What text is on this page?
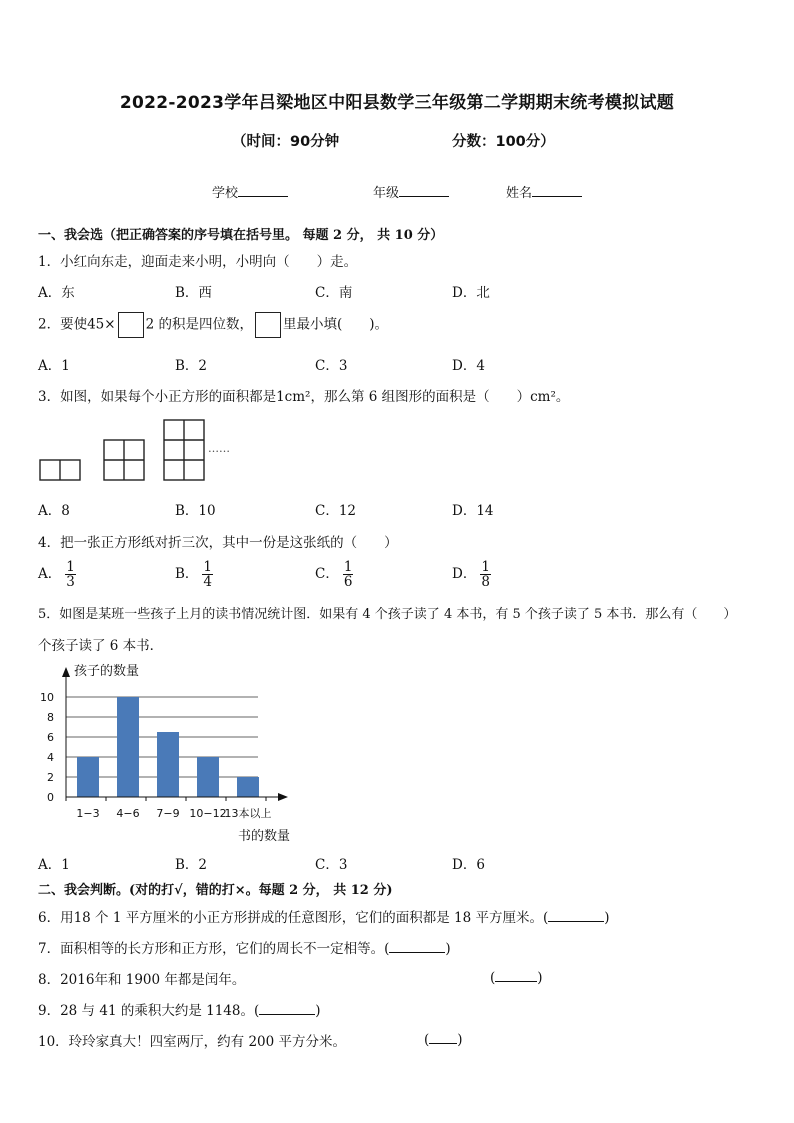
2022-2023学年吕梁地区中阳县数学三年级第二学期期末统考模拟试题
（时间：90分钟	分数：100分）
学校	年级	姓名
一、我会选（把正确答案的序号填在括号里。 每题 2 分， 共 10 分）
1．小红向东走，迎面走来小明，小明向（　　）走。
A．东	B．西	C．南	D．北
2．要使45× 2 的积是四位数， 里最小填(　　)。
A．1	B．2	C．3	D．4
3．如图，如果每个小正方形的面积都是1cm²，那么第 6 组图形的面积是（　　）cm²。
……
A．8	B．10	C．12	D．14
4．把一张正方形纸对折三次，其中一份是这张纸的（　　）
A． $\frac{1}{3}$	B． $\frac{1}{4}$	C． $\frac{1}{6}$	D． $\frac{1}{8}$
5．如图是某班一些孩子上月的读书情况统计图．如果有 4 个孩子读了 4 本书，有 5 个孩子读了 5 本书．那么有（　　）
个孩子读了 6 本书．
孩子的数量
书的数量
0
2
4
6
8
10
1−3 4−6 7−9 10−12
13本以上
A．1	B．2	C．3	D．6
二、我会判断。(对的打√，错的打×。每题 2 分， 共 12 分)
6．用18 个 1 平方厘米的小正方形拼成的任意图形，它们的面积都是 18 平方厘米。(	)
7．面积相等的长方形和正方形，它们的周长不一定相等。(	)
8．2016年和 1900 年都是闰年。	(	)
9．28 与 41 的乘积大约是 1148。(	)
10．玲玲家真大！四室两厅，约有 200 平方分米。	( )
